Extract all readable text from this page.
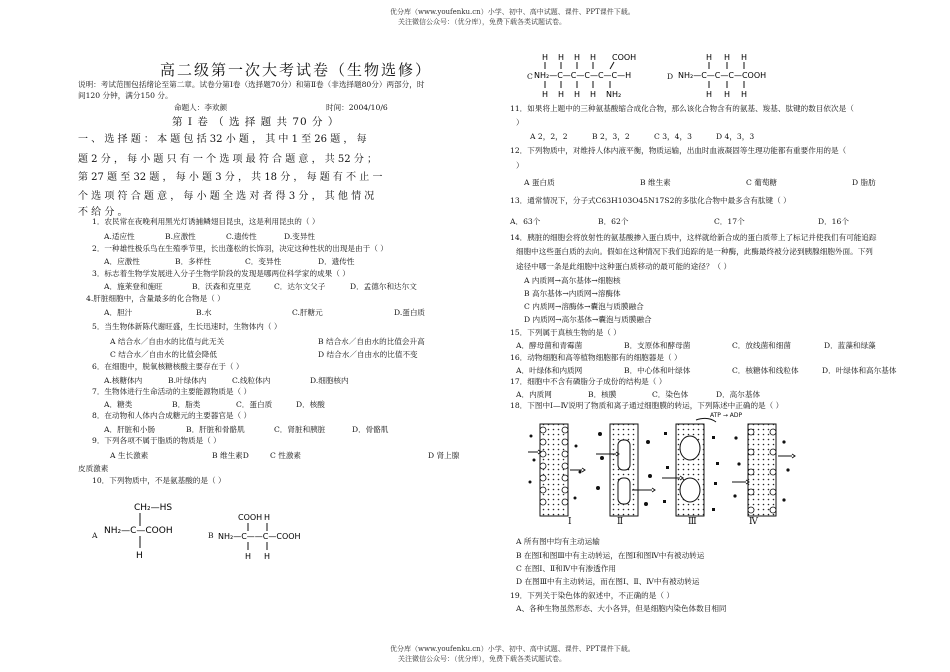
优分库（www.youfenku.cn）小学、初中、高中试题、课件、PPT课件下载。
关注微信公众号：（优分库），免费下载各类试题试卷。
高二级第一次大考试卷（生物选修）
说明：考试范围包括绪论至第二章。试卷分第Ⅰ卷（选择题70分）和第Ⅱ卷（非选择题80分）两部分，时
间120 分钟，满分150 分。
命题人：李欢颜	时间：2004/10/6
第 Ⅰ 卷 （ 选 择 题 共 70 分 ）
一 、 选 择 题 ： 本 题 包 括 32 小 题 ， 其 中 1 至 26 题 ， 每
题 2 分 ， 每 小 题 只 有 一 个 选 项 最 符 合 题 意 ， 共 52 分 ；
第 27 题 至 32 题 ， 每 小 题 3 分 ， 共 18 分 ， 每 题 有 不 止 一
个 选 项 符 合 题 意 ， 每 小 题 全 选 对 者 得 3 分 ， 其 他 情 况
不 给 分 。
1．农民常在夜晚利用黑光灯诱捕鳞翅目昆虫，这是利用昆虫的（ ）
A.适应性	B.应激性	C.遗传性	D.变异性
2．一种雄性极乐鸟在生殖季节里，长出蓬松的长饰羽，决定这种性状的出现是由于（ ）
A．应激性	B．多样性	C．变异性	D．遗传性
3．标志着生物学发展进入分子生物学阶段的发现是哪两位科学家的成果（ ）
A．施莱登和施旺	B．沃森和克里克	C．达尔文父子	D．孟德尔和达尔文
4.肝脏细胞中，含量最多的化合物是（ ）
A．胆汁	B.水	C.肝糖元	D.蛋白质
5．当生物体新陈代谢旺盛，生长迅速时，生物体内（ ）
A 结合水／自由水的比值与此无关	B 结合水／自由水的比值会升高
C 结合水／自由水的比值会降低	D 结合水／自由水的比值不变
6．在细胞中，脱氧核糖核酸主要存在于（ ）
A.核糖体内	B.叶绿体内	C.线粒体内	D.细胞核内
7．生物体进行生命活动的主要能源物质是（ ）
A．糖类	B．脂类	C．蛋白质	D．核酸
8．在动物和人体内合成糖元的主要器官是（ ）
A．肝脏和小肠	B．肝脏和骨骼肌	C．肾脏和胰脏	D．骨骼肌
9．下列各项不属于脂质的物质是（ ）
A 生长激素	B 维生素D	C 性激素	D 肾上腺
皮质激素
10．下列物质中，不是氨基酸的是（ ）
A
CH₂—HS
NH₂—C—COOH
H
B
COOH H
NH₂—C——C—COOH
H H
C
H H H H COOH
NH₂—C—C—C—C—C—H
H H H H NH₂
D
H H H
NH₂—C—C—C—COOH
H H H
11．如果将上题中的三种氨基酸缩合成化合物，那么该化合物含有的氨基、羧基、肽键的数目依次是（
）
A 2，2，2	B 2，3，2	C 3，4，3	D 4，3，3
12．下列物质中，对维持人体内液平衡，物质运输，出血时血液凝固等生理功能都有重要作用的是（
）
A 蛋白质	B 维生素	C 葡萄糖	D 脂肪
13．通常情况下，分子式C63H103O45N17S2的多肽化合物中最多含有肽键（ ）
A．63个	B．62个	C．17个	D．16个
14．胰脏的细胞会将放射性的氨基酸掺入蛋白质中，这样就给新合成的蛋白质带上了标记并使我们有可能追踪
细胞中这些蛋白质的去向。假如在这种情况下我们追踪的是一种酶，此酶最终被分泌到胰腺细胞外面。下列
途径中哪一条是此细胞中这种蛋白质移动的最可能的途径？（ ）
A 内质网→高尔基体→细胞核
B 高尔基体→内质网→溶酶体
C 内质网→溶酶体→囊泡与质膜融合
D 内质网→高尔基体→囊泡与质膜融合
15．下列属于真核生物的是（ ）
A．酵母菌和青霉菌	B．支原体和酵母菌	C．放线菌和细菌	D．蓝藻和绿藻
16．动物细胞和高等植物细胞都有的细胞器是（ ）
A．叶绿体和内质网	B．中心体和叶绿体	C．核糖体和线粒体	D．叶绿体和高尔基体
17．细胞中不含有磷脂分子成份的结构是（ ）
A．内质网	B．核膜	C．染色体	D．高尔基体
18．下图中Ⅰ—Ⅳ说明了物质和离子通过细胞膜的转运，下列陈述中正确的是（ ）
ATP → ADP
Ⅰ	Ⅱ	Ⅲ	Ⅳ
A 所有图中均有主动运输
B 在图Ⅰ和图Ⅲ中有主动转运，在图Ⅰ和图Ⅳ中有被动转运
C 在图Ⅰ、Ⅱ和Ⅳ中有渗透作用
D 在图Ⅲ中有主动转运，而在图Ⅰ、Ⅱ、Ⅳ中有被动转运
19．下列关于染色体的叙述中，不正确的是（ ）
A、各种生物虽然形态、大小各异，但是细胞内染色体数目相同
优分库（www.youfenku.cn）小学、初中、高中试题、课件、PPT课件下载。
关注微信公众号：（优分库），免费下载各类试题试卷。
